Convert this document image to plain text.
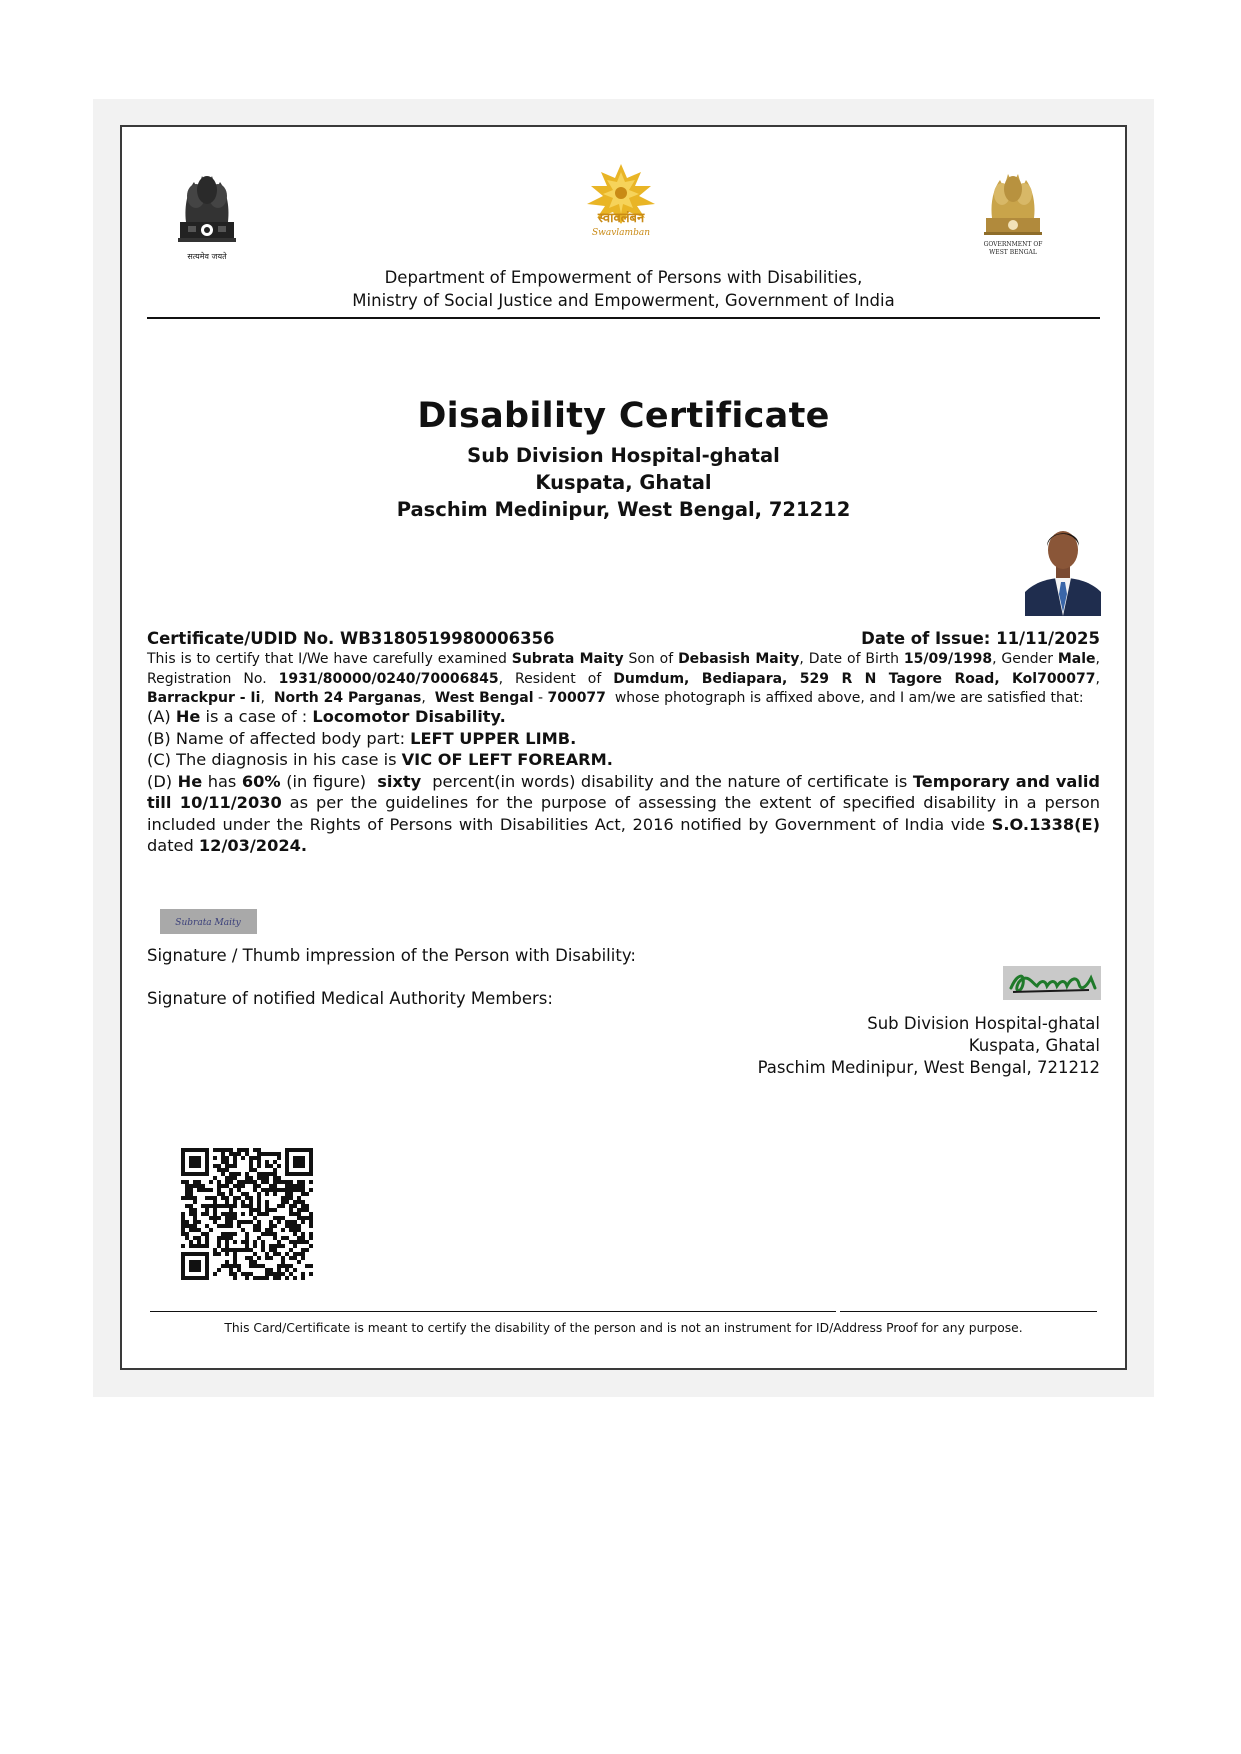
सत्यमेव जयते
स्वावलंबन
Swavlamban
GOVERNMENT OF
WEST BENGAL
Department of Empowerment of Persons with Disabilities,
Ministry of Social Justice and Empowerment, Government of India
Disability Certificate
Sub Division Hospital-ghatal
Kuspata, Ghatal
Paschim Medinipur, West Bengal, 721212
Certificate/UDID No. WB3180519980006356	Date of Issue: 11/11/2025
This is to certify that I/We have carefully examined Subrata Maity Son of Debasish Maity, Date of Birth 15/09/1998, Gender Male, Registration No. 1931/80000/0240/70006845, Resident of Dumdum, Bediapara, 529 R N Tagore Road, Kol700077, Barrackpur - Ii,  North 24 Parganas,  West Bengal - 700077  whose photograph is affixed above, and I am/we are satisfied that:

(A) He is a case of : Locomotor Disability.

(B) Name of affected body part: LEFT UPPER LIMB.

(C) The diagnosis in his case is VIC OF LEFT FOREARM.

(D) He has 60% (in figure)  sixty  percent(in words) disability and the nature of certificate is Temporary and valid till 10/11/2030 as per the guidelines for the purpose of assessing the extent of specified disability in a person included under the Rights of Persons with Disabilities Act, 2016 notified by Government of India vide S.O.1338(E) dated 12/03/2024.

Subrata Maity
Signature / Thumb impression of the Person with Disability:
Signature of notified Medical Authority Members:
Sub Division Hospital-ghatal
Kuspata, Ghatal
Paschim Medinipur, West Bengal, 721212
This Card/Certificate is meant to certify the disability of the person and is not an instrument for ID/Address Proof for any purpose.
